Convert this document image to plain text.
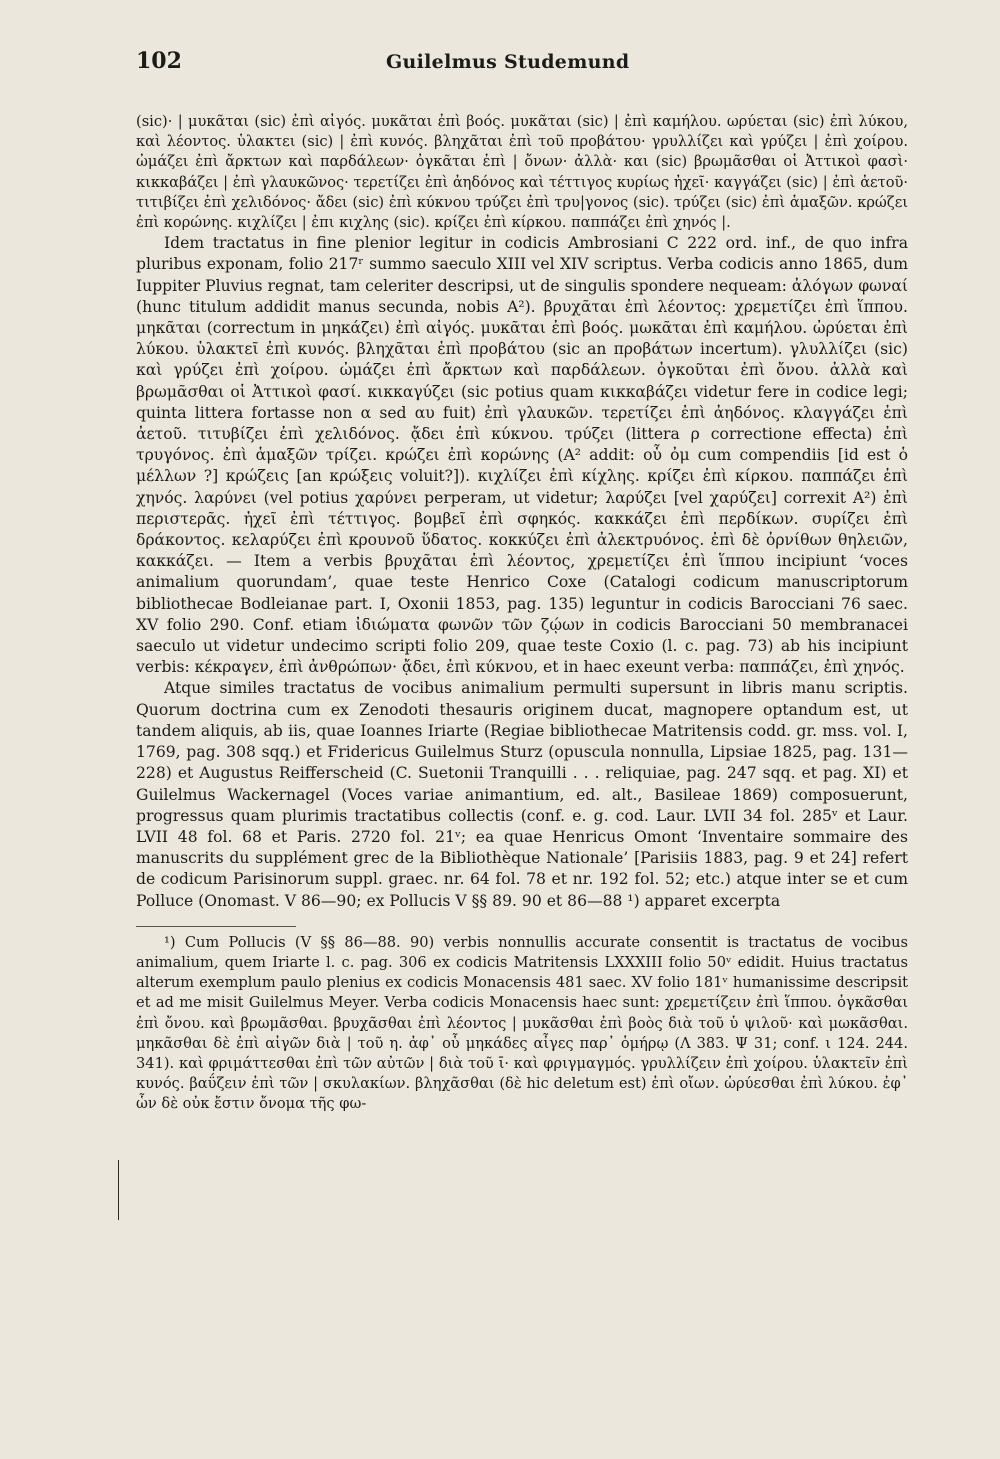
102	Guilelmus Studemund

(sic)· | μυκᾶται (sic) ἐπὶ αἰγός. μυκᾶται ἐπὶ βοός. μυκᾶται (sic) | ἐπὶ καμήλου. ωρύεται (sic) ἐπὶ λύκου, καὶ λέοντος. ὑλακτει (sic) | ἐπὶ κυνός. βληχᾶται ἐπὶ τοῦ προβάτου· γρυλλίζει καὶ γρύζει | ἐπὶ χοίρου. ὠμάζει ἐπὶ ἄρκτων καὶ παρδάλεων· ὀγκᾶται ἐπὶ | ὄνων· ἀλλὰ· και (sic) βρωμᾶσθαι οἱ Ἀττικοὶ φασὶ· κικκαβάζει | ἐπὶ γλαυκῶνος· τερετίζει ἐπὶ ἀηδόνος καὶ τέττιγος κυρίως ἠχεῖ· καγγάζει (sic) | ἐπὶ ἀετοῦ· τιτιβίζει ἐπὶ χελιδόνος· ἄδει (sic) ἐπὶ κύκνου τρύζει ἐπὶ τρυ|γονος (sic). τρύζει (sic) ἐπὶ ἁμαξῶν. κρώζει ἐπὶ κορώνης. κιχλίζει | ἐπι κιχλης (sic). κρίζει ἐπὶ κίρκου. παππάζει ἐπὶ χηνός |.

Idem tractatus in fine plenior legitur in codicis Ambrosiani C 222 ord. inf., de quo infra pluribus exponam, folio 217ʳ summo saeculo XIII vel XIV scriptus. Verba codicis anno 1865, dum Iuppiter Pluvius regnat, tam celeriter descripsi, ut de singulis spondere nequeam: ἀλόγων φωναί (hunc titulum addidit manus secunda, nobis A²). βρυχᾶται ἐπὶ λέοντος: χρεμετίζει ἐπὶ ἵππου. μηκᾶται (correctum in μηκάζει) ἐπὶ αἰγός. μυκᾶται ἐπὶ βοός. μωκᾶται ἐπὶ καμήλου. ὠρύεται ἐπὶ λύκου. ὑλακτεῖ ἐπὶ κυνός. βληχᾶται ἐπὶ προβάτου (sic an προβάτων incertum). γλυλλίζει (sic) καὶ γρύζει ἐπὶ χοίρου. ὠμάζει ἐπὶ ἄρκτων καὶ παρδάλεων. ὀγκοῦται ἐπὶ ὄνου. ἀλλὰ καὶ βρωμᾶσθαι οἱ Ἀττικοὶ φασί. κικκαγύζει (sic potius quam κικκαβάζει videtur fere in codice legi; quinta littera fortasse non α sed αυ fuit) ἐπὶ γλαυκῶν. τερετίζει ἐπὶ ἀηδόνος. κλαγγάζει ἐπὶ ἀετοῦ. τιτυβίζει ἐπὶ χελιδόνος. ᾄδει ἐπὶ κύκνου. τρύζει (littera ρ correctione effecta) ἐπὶ τρυγόνος. ἐπὶ ἁμαξῶν τρίζει. κρώζει ἐπὶ κορώνης (A² addit: οὗ ὀμ cum compendiis [id est ὁ μέλλων ?] κρώζεις [an κρώξεις voluit?]). κιχλίζει ἐπὶ κίχλης. κρίζει ἐπὶ κίρκου. παππάζει ἐπὶ χηνός. λαρύνει (vel potius χαρύνει perperam, ut videtur; λαρύζει [vel χαρύζει] correxit A²) ἐπὶ περιστερᾶς. ἠχεῖ ἐπὶ τέττιγος. βομβεῖ ἐπὶ σφηκός. κακκάζει ἐπὶ περδίκων. συρίζει ἐπὶ δράκοντος. κελαρύζει ἐπὶ κρουνοῦ ὕδατος. κοκκύζει ἐπὶ ἀλεκτρυόνος. ἐπὶ δὲ ὀρνίθων θηλειῶν, κακκάζει. — Item a verbis βρυχᾶται ἐπὶ λέοντος, χρεμετίζει ἐπὶ ἵππου incipiunt ‘voces animalium quorundam’, quae teste Henrico Coxe (Catalogi codicum manuscriptorum bibliothecae Bodleianae part. I, Oxonii 1853, pag. 135) leguntur in codicis Barocciani 76 saec. XV folio 290. Conf. etiam ἰδιώματα φωνῶν τῶν ζῴων in codicis Barocciani 50 membranacei saeculo ut videtur undecimo scripti folio 209, quae teste Coxio (l. c. pag. 73) ab his incipiunt verbis: κέκραγεν, ἐπὶ ἀνθρώπων· ᾄδει, ἐπὶ κύκνου, et in haec exeunt verba: παππάζει, ἐπὶ χηνός.

Atque similes tractatus de vocibus animalium permulti supersunt in libris manu scriptis. Quorum doctrina cum ex Zenodoti thesauris originem ducat, magnopere optandum est, ut tandem aliquis, ab iis, quae Ioannes Iriarte (Regiae bibliothecae Matritensis codd. gr. mss. vol. I, 1769, pag. 308 sqq.) et Fridericus Guilelmus Sturz (opuscula nonnulla, Lipsiae 1825, pag. 131—228) et Augustus Reifferscheid (C. Suetonii Tranquilli . . . reliquiae, pag. 247 sqq. et pag. XI) et Guilelmus Wackernagel (Voces variae animantium, ed. alt., Basileae 1869) composuerunt, progressus quam plurimis tractatibus collectis (conf. e. g. cod. Laur. LVII 34 fol. 285ᵛ et Laur. LVII 48 fol. 68 et Paris. 2720 fol. 21ᵛ; ea quae Henricus Omont ‘Inventaire sommaire des manuscrits du supplément grec de la Bibliothèque Nationale’ [Parisiis 1883, pag. 9 et 24] refert de codicum Parisinorum suppl. graec. nr. 64 fol. 78 et nr. 192 fol. 52; etc.) atque inter se et cum Polluce (Onomast. V 86—90; ex Pollucis V §§ 89. 90 et 86—88 ¹) apparet excerpta

¹) Cum Pollucis (V §§ 86—88. 90) verbis nonnullis accurate consentit is tractatus de vocibus animalium, quem Iriarte l. c. pag. 306 ex codicis Matritensis LXXXIII folio 50ᵛ edidit. Huius tractatus alterum exemplum paulo plenius ex codicis Monacensis 481 saec. XV folio 181ᵛ humanissime descripsit et ad me misit Guilelmus Meyer. Verba codicis Monacensis haec sunt: χρεμετίζειν ἐπὶ ἵππου. ὀγκᾶσθαι ἐπὶ ὄνου. καὶ βρωμᾶσθαι. βρυχᾶσθαι ἐπὶ λέοντος | μυκᾶσθαι ἐπὶ βοὸς διὰ τοῦ ὑ ψιλοῦ· καὶ μωκᾶσθαι. μηκᾶσθαι δὲ ἐπὶ αἰγῶν διὰ | τοῦ η. ἀφ᾽ οὗ μηκάδες αἶγες παρ᾽ ὁμήρῳ (Λ 383. Ψ 31; conf. ι 124. 244. 341). καὶ φριμάττεσθαι ἐπὶ τῶν αὐτῶν | διὰ τοῦ ῑ· καὶ φριγμαγμός. γρυλλίζειν ἐπὶ χοίρου. ὑλακτεῖν ἐπὶ κυνός. βαΰζειν ἐπὶ τῶν | σκυλακίων. βληχᾶσθαι (δὲ hic deletum est) ἐπὶ οἴων. ὠρύεσθαι ἐπὶ λύκου. ἐφ᾽ ὧν δὲ οὐκ ἔστιν ὄνομα τῆς φω-
